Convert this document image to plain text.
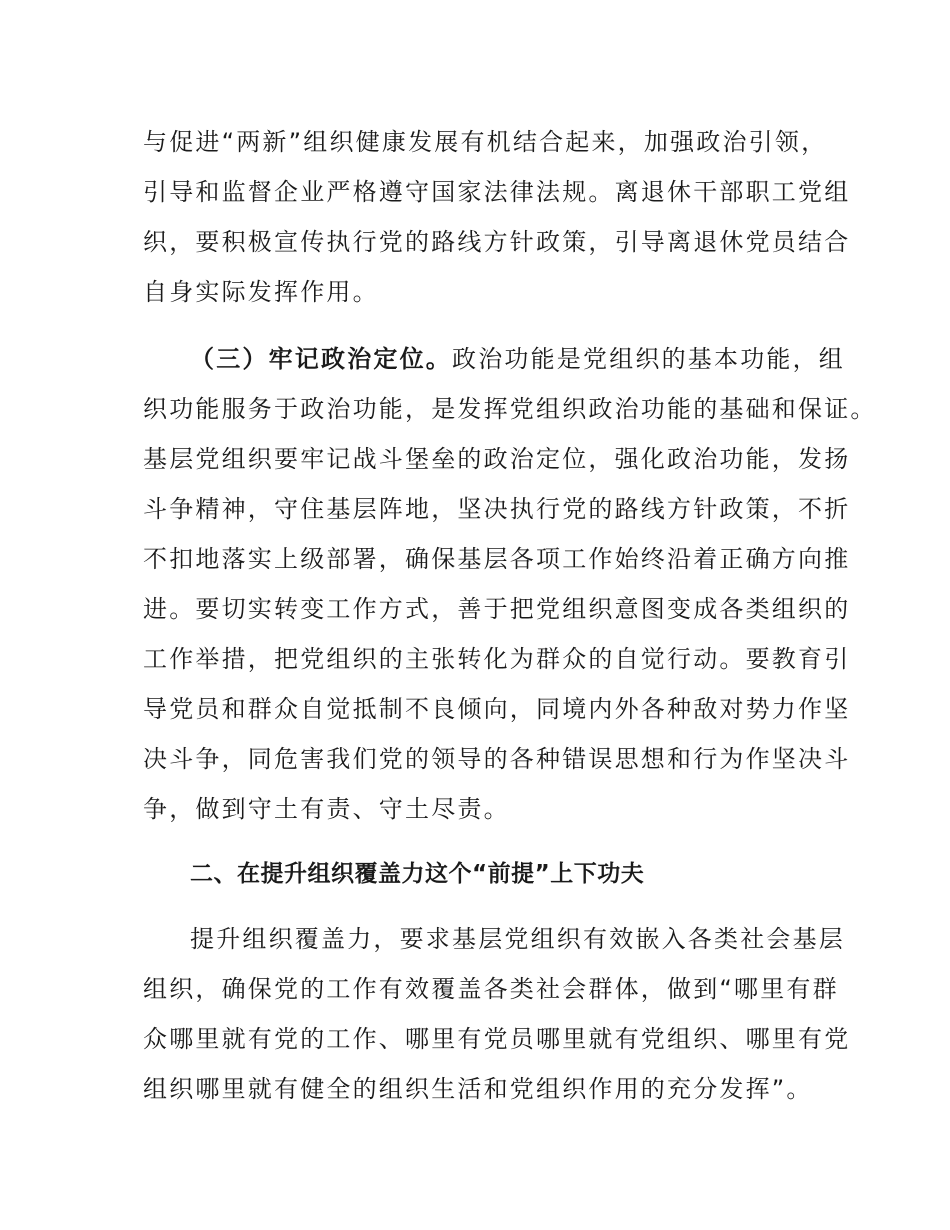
与促进“两新”组织健康发展有机结合起来，加强政治引领，
引导和监督企业严格遵守国家法律法规。离退休干部职工党组
织，要积极宣传执行党的路线方针政策，引导离退休党员结合
自身实际发挥作用。
（三）牢记政治定位。政治功能是党组织的基本功能，组
织功能服务于政治功能，是发挥党组织政治功能的基础和保证。
基层党组织要牢记战斗堡垒的政治定位，强化政治功能，发扬
斗争精神，守住基层阵地，坚决执行党的路线方针政策，不折
不扣地落实上级部署，确保基层各项工作始终沿着正确方向推
进。要切实转变工作方式，善于把党组织意图变成各类组织的
工作举措，把党组织的主张转化为群众的自觉行动。要教育引
导党员和群众自觉抵制不良倾向，同境内外各种敌对势力作坚
决斗争，同危害我们党的领导的各种错误思想和行为作坚决斗
争，做到守土有责、守土尽责。
二、在提升组织覆盖力这个“前提”上下功夫
提升组织覆盖力，要求基层党组织有效嵌入各类社会基层
组织，确保党的工作有效覆盖各类社会群体，做到“哪里有群
众哪里就有党的工作、哪里有党员哪里就有党组织、哪里有党
组织哪里就有健全的组织生活和党组织作用的充分发挥”。
